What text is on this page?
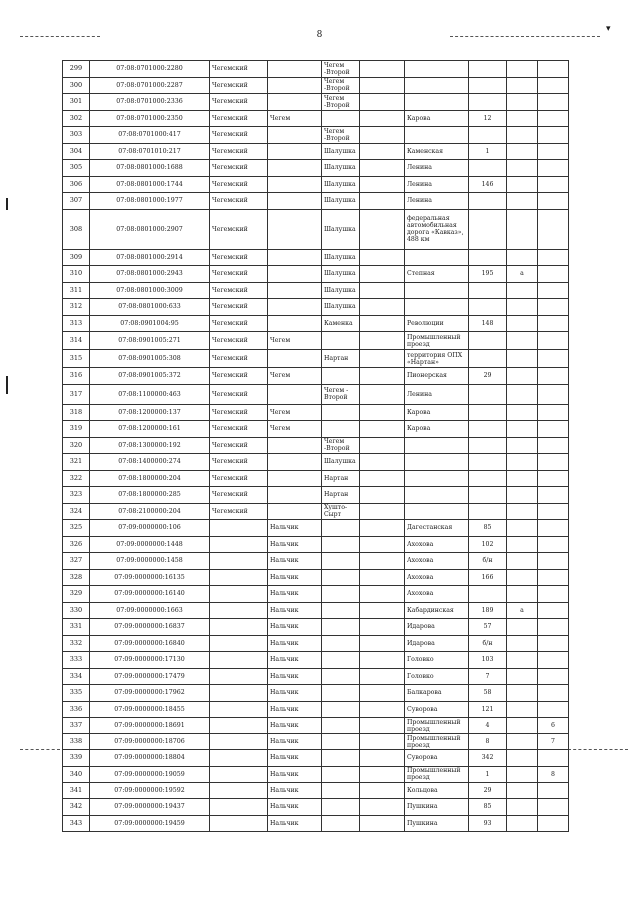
8
▾
299	07:08:0701000:2280	Чегемский		Чегем -Второй					
300	07:08:0701000:2287	Чегемский		Чегем -Второй					
301	07:08:0701000:2336	Чегемский		Чегем -Второй					
302	07:08:0701000:2350	Чегемский	Чегем			Карова	12		
303	07:08:0701000:417	Чегемский		Чегем -Второй					
304	07:08:0701010:217	Чегемский		Шалушка		Каменская	1		
305	07:08:0801000:1688	Чегемский		Шалушка		Ленина			
306	07:08:0801000:1744	Чегемский		Шалушка		Ленина	146		
307	07:08:0801000:1977	Чегемский		Шалушка		Ленина			
308	07:08:0801000:2907	Чегемский		Шалушка		федеральная автомобильная дорога «Кавказ», 488 км			
309	07:08:0801000:2914	Чегемский		Шалушка					
310	07:08:0801000:2943	Чегемский		Шалушка		Степная	195	а	
311	07:08:0801000:3009	Чегемский		Шалушка					
312	07:08:0801000:633	Чегемский		Шалушка					
313	07:08:0901004:95	Чегемский		Каменка		Революции	148		
314	07:08:0901005:271	Чегемский	Чегем			Промышленный проезд			
315	07:08:0901005:308	Чегемский		Нартан		территория ОПХ «Нартан»			
316	07:08:0901005:372	Чегемский	Чегем			Пионерская	29		
317	07:08:1100000:463	Чегемский		Чегем - Второй		Ленина			
318	07:08:1200000:137	Чегемский	Чегем			Карова			
319	07:08:1200000:161	Чегемский	Чегем			Карова			
320	07:08:1300000:192	Чегемский		Чегем -Второй					
321	07:08:1400000:274	Чегемский		Шалушка					
322	07:08:1800000:204	Чегемский		Нартан					
323	07:08:1800000:285	Чегемский		Нартан					
324	07:08:2100000:204	Чегемский		Хушто-Сырт					
325	07:09:0000000:106		Нальчик			Дагестанская	85		
326	07:09:0000000:1448		Нальчик			Ахохова	102		
327	07:09:0000000:1458		Нальчик			Ахохова	б/н		
328	07:09:0000000:16135		Нальчик			Ахохова	166		
329	07:09:0000000:16140		Нальчик			Ахохова			
330	07:09:0000000:1663		Нальчик			Кабардинская	189	а	
331	07:09:0000000:16837		Нальчик			Идарова	57		
332	07:09:0000000:16840		Нальчик			Идарова	б/н		
333	07:09:0000000:17130		Нальчик			Головко	103		
334	07:09:0000000:17479		Нальчик			Головко	7		
335	07:09:0000000:17962		Нальчик			Балкарова	58		
336	07:09:0000000:18455		Нальчик			Суворова	121		
337	07:09:0000000:18691		Нальчик			Промышленный проезд	4		6
338	07:09:0000000:18706		Нальчик			Промышленный проезд	8		7
339	07:09:0000000:18804		Нальчик			Суворова	342		
340	07:09:0000000:19059		Нальчик			Промышленный проезд	1		8
341	07:09:0000000:19592		Нальчик			Кольцова	29		
342	07:09:0000000:19437		Нальчик			Пушкина	85		
343	07:09:0000000:19459		Нальчик			Пушкина	93		
